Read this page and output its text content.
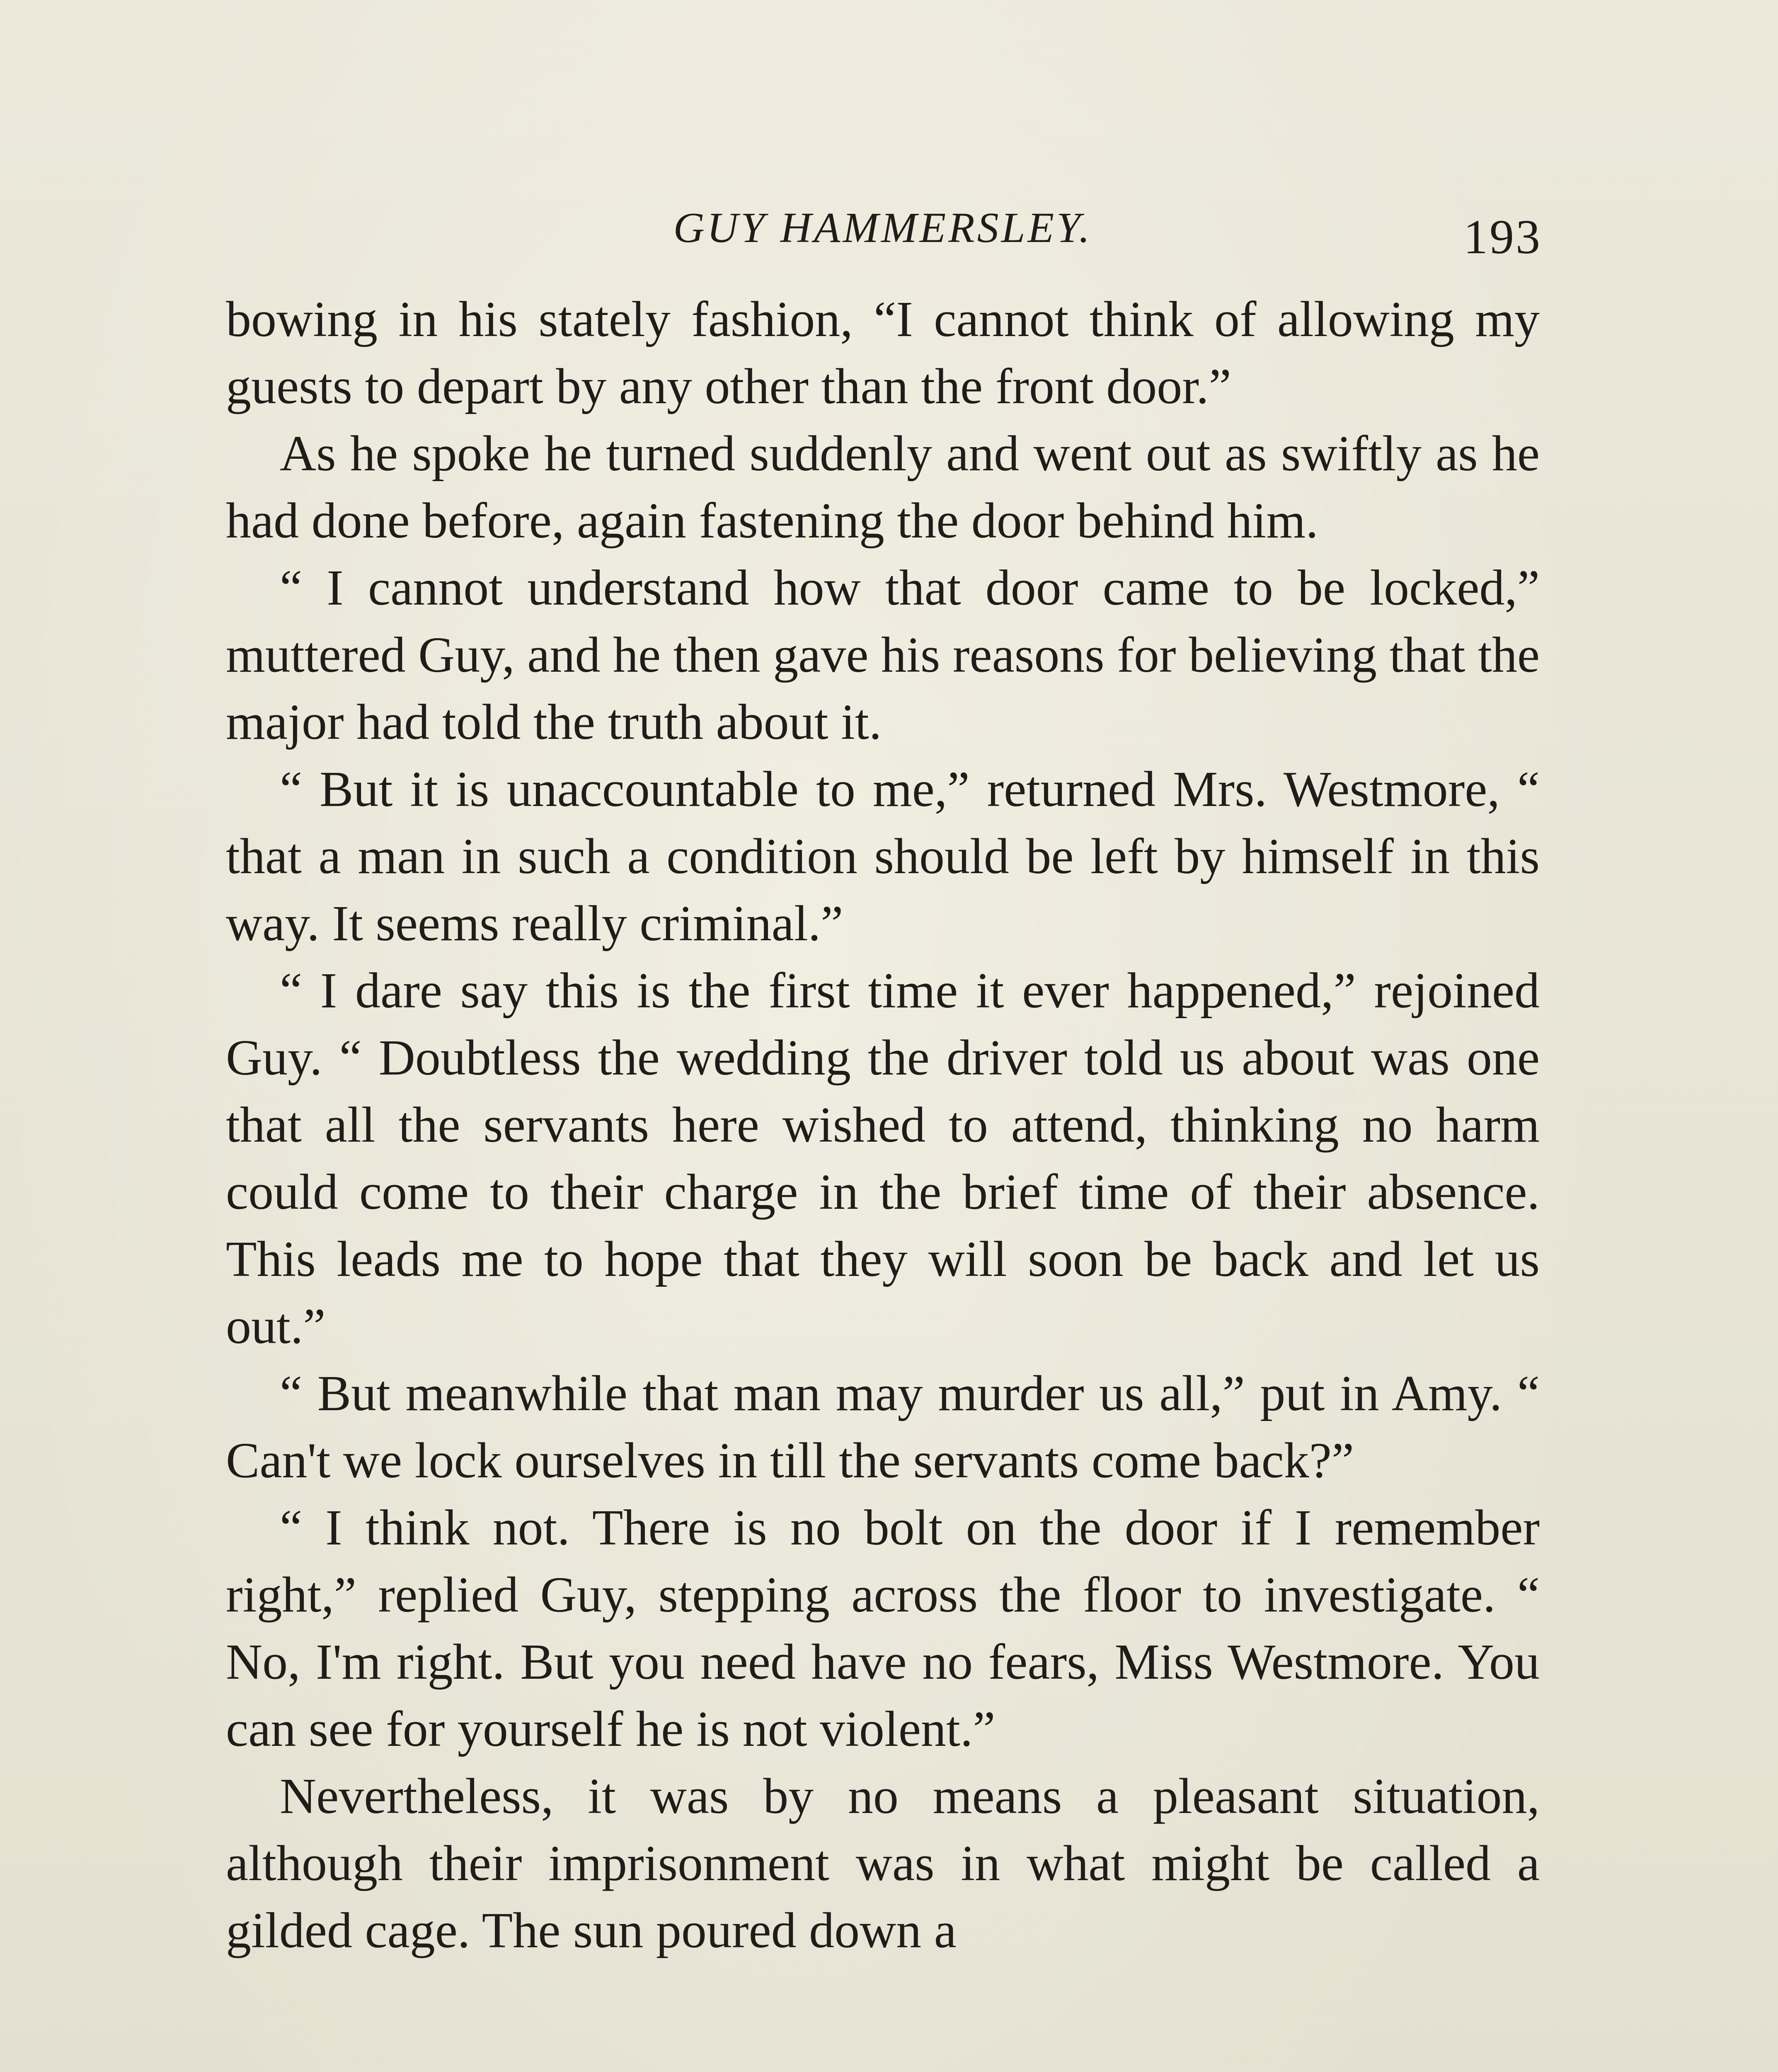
GUY HAMMERSLEY.	193

bowing in his stately fashion, “I cannot think of allowing my guests to depart by any other than the front door.”

As he spoke he turned suddenly and went out as swiftly as he had done before, again fastening the door behind him.

“ I cannot understand how that door came to be locked,” muttered Guy, and he then gave his reasons for believing that the major had told the truth about it.

“ But it is unaccountable to me,” returned Mrs. Westmore, “ that a man in such a condition should be left by himself in this way. It seems really criminal.”

“ I dare say this is the first time it ever happened,” rejoined Guy. “ Doubtless the wedding the driver told us about was one that all the servants here wished to attend, thinking no harm could come to their charge in the brief time of their absence. This leads me to hope that they will soon be back and let us out.”

“ But meanwhile that man may murder us all,” put in Amy. “ Can't we lock ourselves in till the servants come back?”

“ I think not. There is no bolt on the door if I remember right,” replied Guy, stepping across the floor to investigate. “ No, I'm right. But you need have no fears, Miss Westmore. You can see for yourself he is not violent.”

Nevertheless, it was by no means a pleasant situation, although their imprisonment was in what might be called a gilded cage. The sun poured down a
